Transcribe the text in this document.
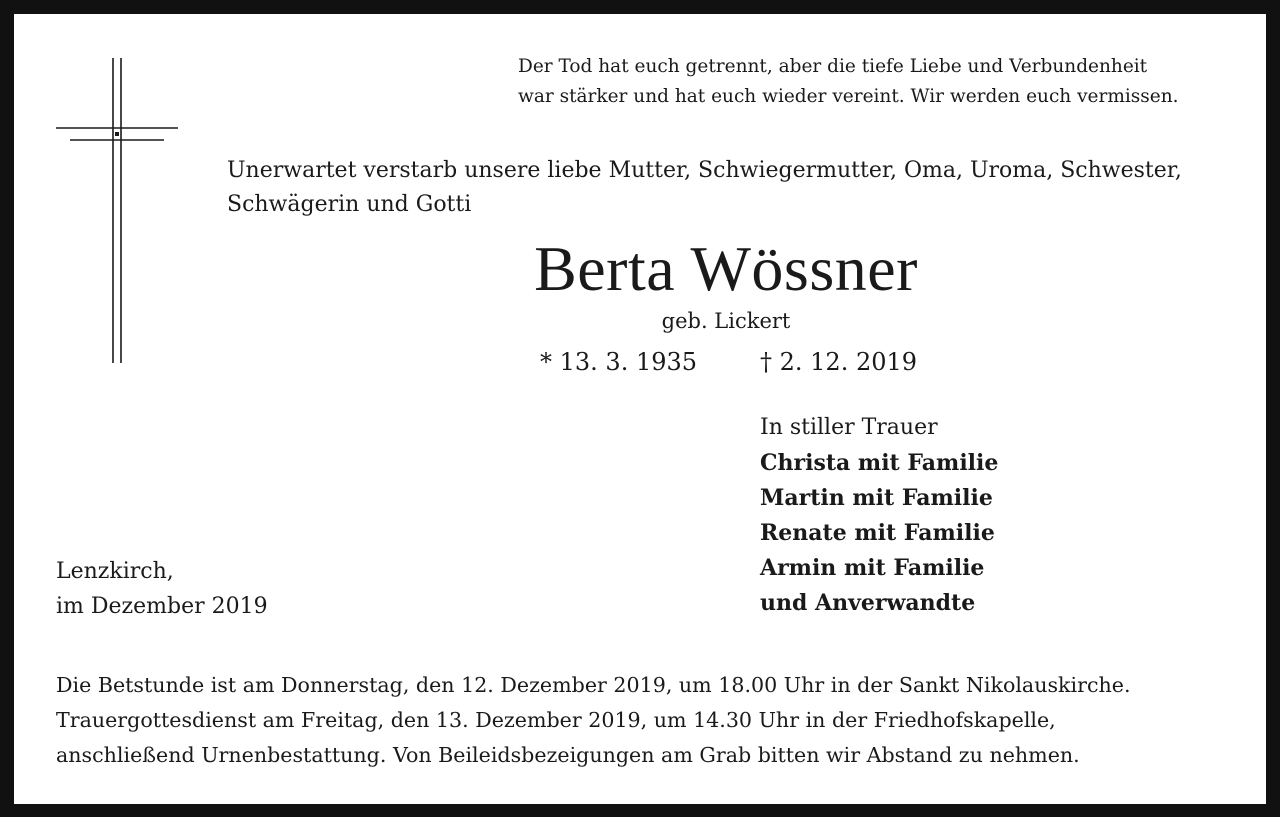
Der Tod hat euch getrennt, aber die tiefe Liebe und Verbundenheit
war stärker und hat euch wieder vereint. Wir werden euch vermissen.
Unerwartet verstarb unsere liebe Mutter, Schwiegermutter, Oma, Uroma, Schwester,
Schwägerin und Gotti
Berta Wössner
geb. Lickert
* 13. 3. 1935	† 2. 12. 2019
In stiller Trauer
Christa mit Familie
Martin mit Familie
Renate mit Familie
Armin mit Familie
und Anverwandte
Lenzkirch,
im Dezember 2019
Die Betstunde ist am Donnerstag, den 12. Dezember 2019, um 18.00 Uhr in der Sankt Nikolauskirche.
Trauergottesdienst am Freitag, den 13. Dezember 2019, um 14.30 Uhr in der Friedhofskapelle,
anschließend Urnenbestattung. Von Beileidsbezeigungen am Grab bitten wir Abstand zu nehmen.
